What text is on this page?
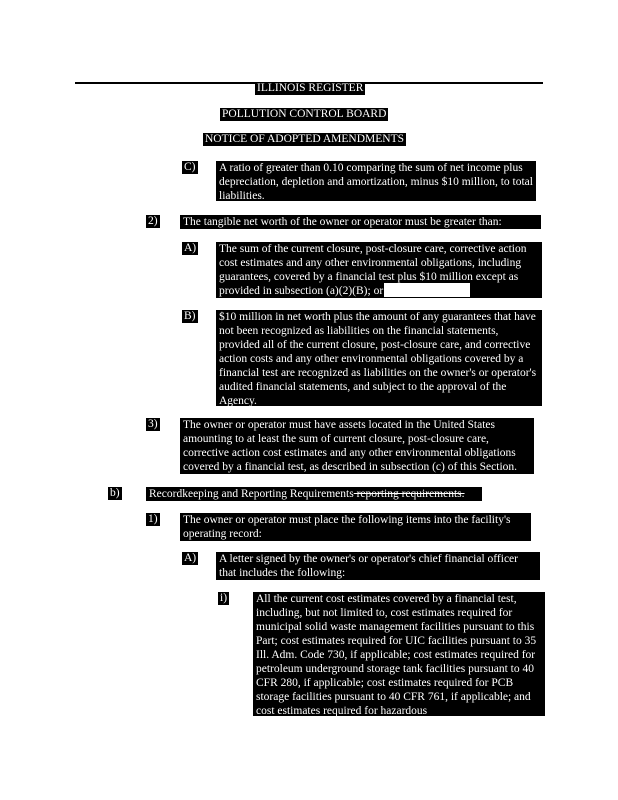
ILLINOIS REGISTER
POLLUTION CONTROL BOARD
NOTICE OF ADOPTED AMENDMENTS
C) A ratio of greater than 0.10 comparing the sum of net income plus depreciation, depletion and amortization, minus $10 million, to total liabilities.
2) The tangible net worth of the owner or operator must be greater than:
A) The sum of the current closure, post-closure care, corrective action cost estimates and any other environmental obligations, including guarantees, covered by a financial test plus $10 million except as provided in subsection (a)(2)(B); or
B) $10 million in net worth plus the amount of any guarantees that have not been recognized as liabilities on the financial statements, provided all of the current closure, post-closure care, and corrective action costs and any other environmental obligations covered by a financial test are recognized as liabilities on the owner's or operator's audited financial statements, and subject to the approval of the Agency.
3) The owner or operator must have assets located in the United States amounting to at least the sum of current closure, post-closure care, corrective action cost estimates and any other environmental obligations covered by a financial test, as described in subsection (c) of this Section.
b)	Recordkeeping and Reporting Requirements reporting requirements.
1) The owner or operator must place the following items into the facility's operating record:
A) A letter signed by the owner's or operator's chief financial officer that includes the following:
i)	All the current cost estimates covered by a financial test, including, but not limited to, cost estimates required for municipal solid waste management facilities pursuant to this Part; cost estimates required for UIC facilities pursuant to 35 Ill. Adm. Code 730, if applicable; cost estimates required for petroleum underground storage tank facilities pursuant to 40 CFR 280, if applicable; cost estimates required for PCB storage facilities pursuant to 40 CFR 761, if applicable; and cost estimates required for hazardous
